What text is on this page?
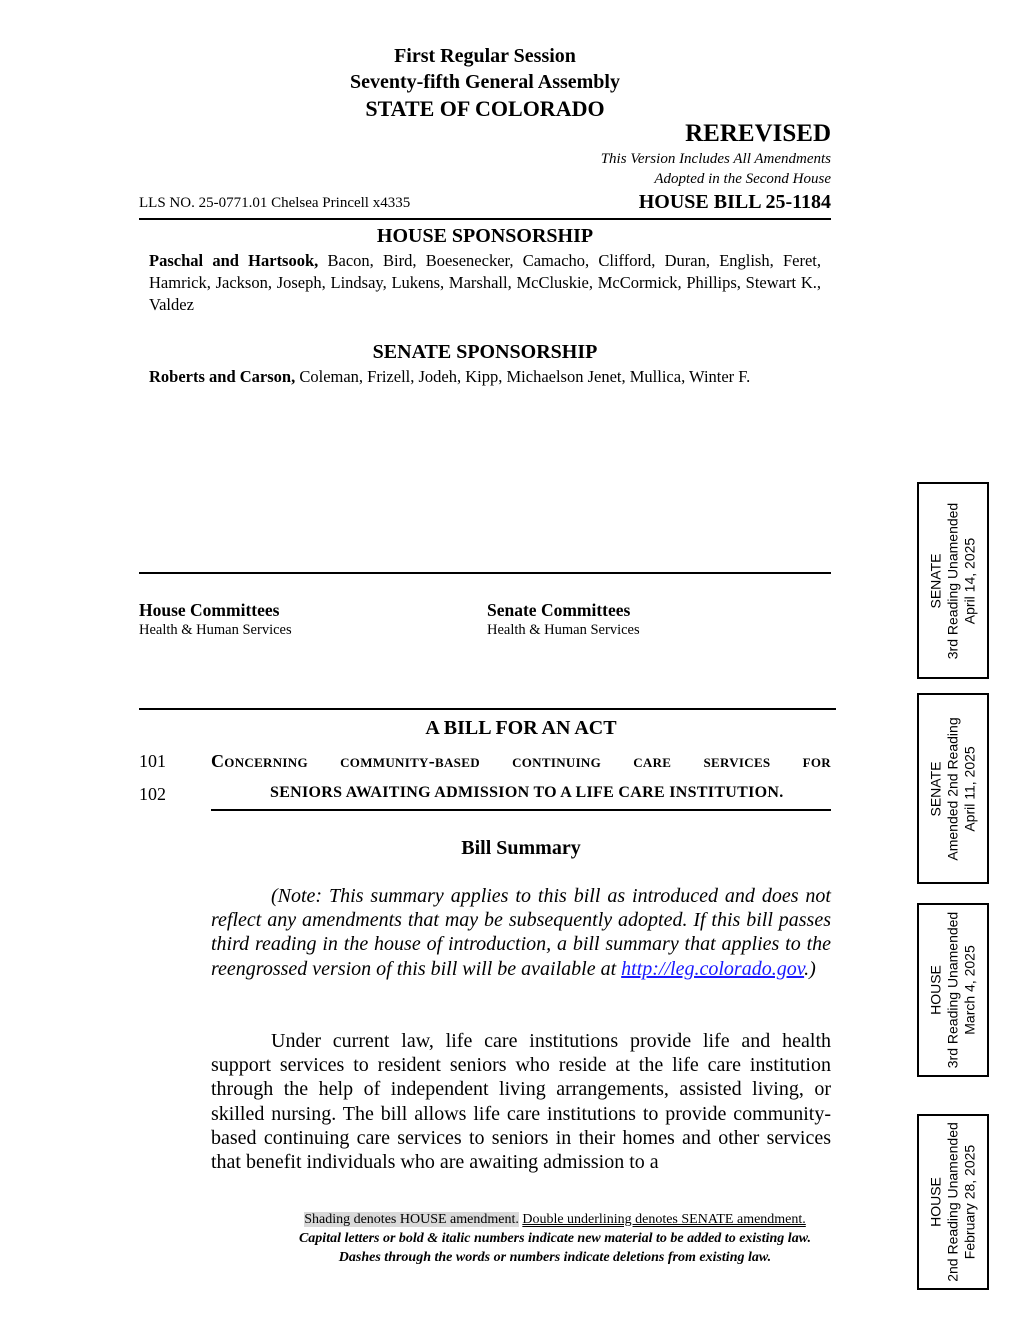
First Regular Session
Seventy-fifth General Assembly
STATE OF COLORADO
REREVISED
This Version Includes All Amendments
Adopted in the Second House
LLS NO. 25-0771.01 Chelsea Princell x4335	HOUSE BILL 25-1184
HOUSE SPONSORSHIP
Paschal and Hartsook, Bacon, Bird, Boesenecker, Camacho, Clifford, Duran, English, Feret, Hamrick, Jackson, Joseph, Lindsay, Lukens, Marshall, McCluskie, McCormick, Phillips, Stewart K., Valdez
SENATE SPONSORSHIP
Roberts and Carson, Coleman, Frizell, Jodeh, Kipp, Michaelson Jenet, Mullica, Winter F.
House Committees
Health & Human Services
Senate Committees
Health & Human Services
A BILL FOR AN ACT
101	Concerning community-based continuing care services for
102	SENIORS AWAITING ADMISSION TO A LIFE CARE INSTITUTION.
Bill Summary
(Note: This summary applies to this bill as introduced and does not reflect any amendments that may be subsequently adopted. If this bill passes third reading in the house of introduction, a bill summary that applies to the reengrossed version of this bill will be available at http://leg.colorado.gov.)
Under current law, life care institutions provide life and health support services to resident seniors who reside at the life care institution through the help of independent living arrangements, assisted living, or skilled nursing. The bill allows life care institutions to provide community-based continuing care services to seniors in their homes and other services that benefit individuals who are awaiting admission to a
Shading denotes HOUSE amendment. Double underlining denotes SENATE amendment.
Capital letters or bold & italic numbers indicate new material to be added to existing law.
Dashes through the words or numbers indicate deletions from existing law.
SENATE 3rd Reading Unamended April 14, 2025
SENATE Amended 2nd Reading April 11, 2025
HOUSE 3rd Reading Unamended March 4, 2025
HOUSE 2nd Reading Unamended February 28, 2025
